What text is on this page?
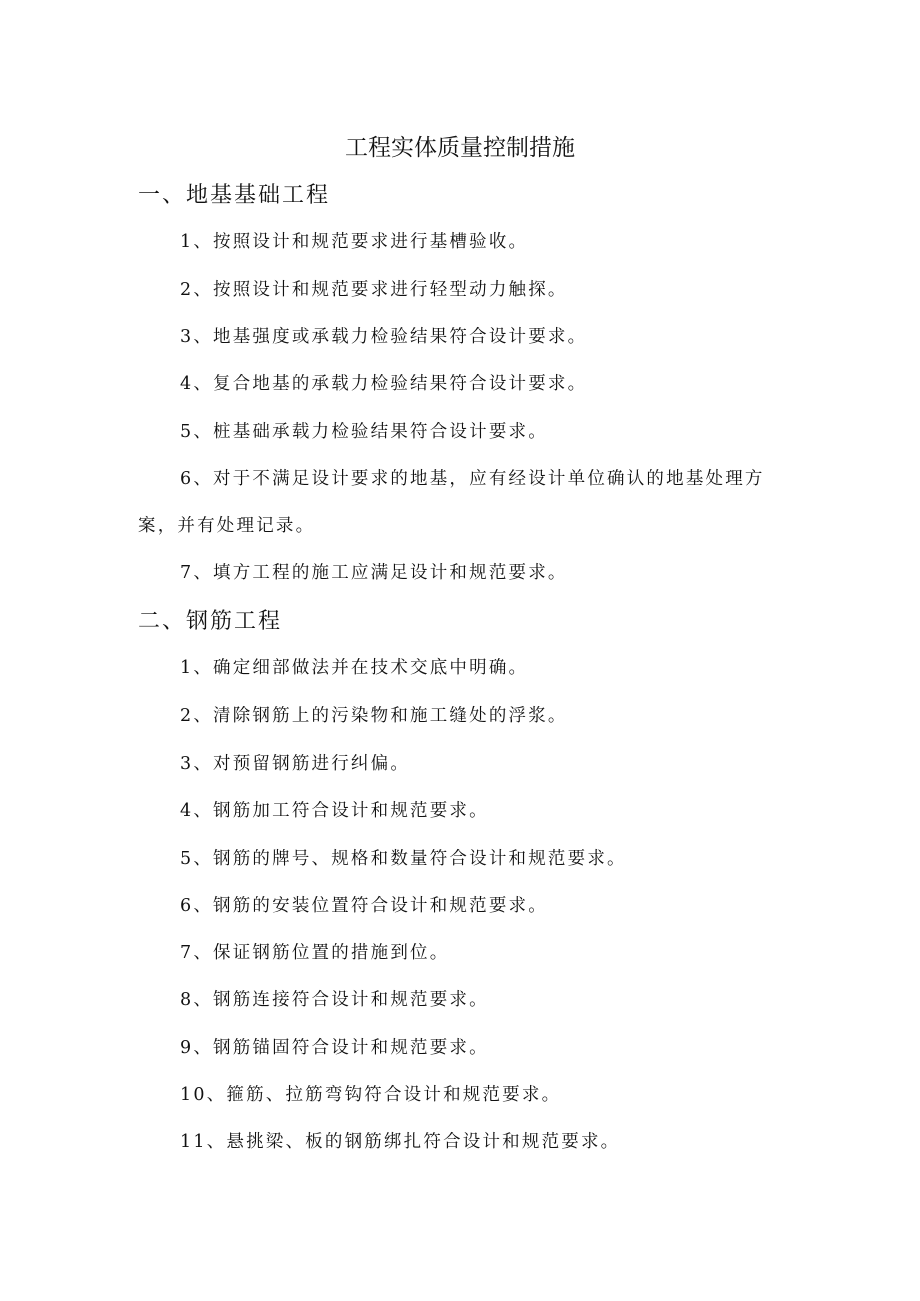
工程实体质量控制措施
一、地基基础工程
1、按照设计和规范要求进行基槽验收。
2、按照设计和规范要求进行轻型动力触探。
3、地基强度或承载力检验结果符合设计要求。
4、复合地基的承载力检验结果符合设计要求。
5、桩基础承载力检验结果符合设计要求。
6、对于不满足设计要求的地基，应有经设计单位确认的地基处理方
案，并有处理记录。
7、填方工程的施工应满足设计和规范要求。
二、钢筋工程
1、确定细部做法并在技术交底中明确。
2、清除钢筋上的污染物和施工缝处的浮浆。
3、对预留钢筋进行纠偏。
4、钢筋加工符合设计和规范要求。
5、钢筋的牌号、规格和数量符合设计和规范要求。
6、钢筋的安装位置符合设计和规范要求。
7、保证钢筋位置的措施到位。
8、钢筋连接符合设计和规范要求。
9、钢筋锚固符合设计和规范要求。
10、箍筋、拉筋弯钩符合设计和规范要求。
11、悬挑梁、板的钢筋绑扎符合设计和规范要求。
